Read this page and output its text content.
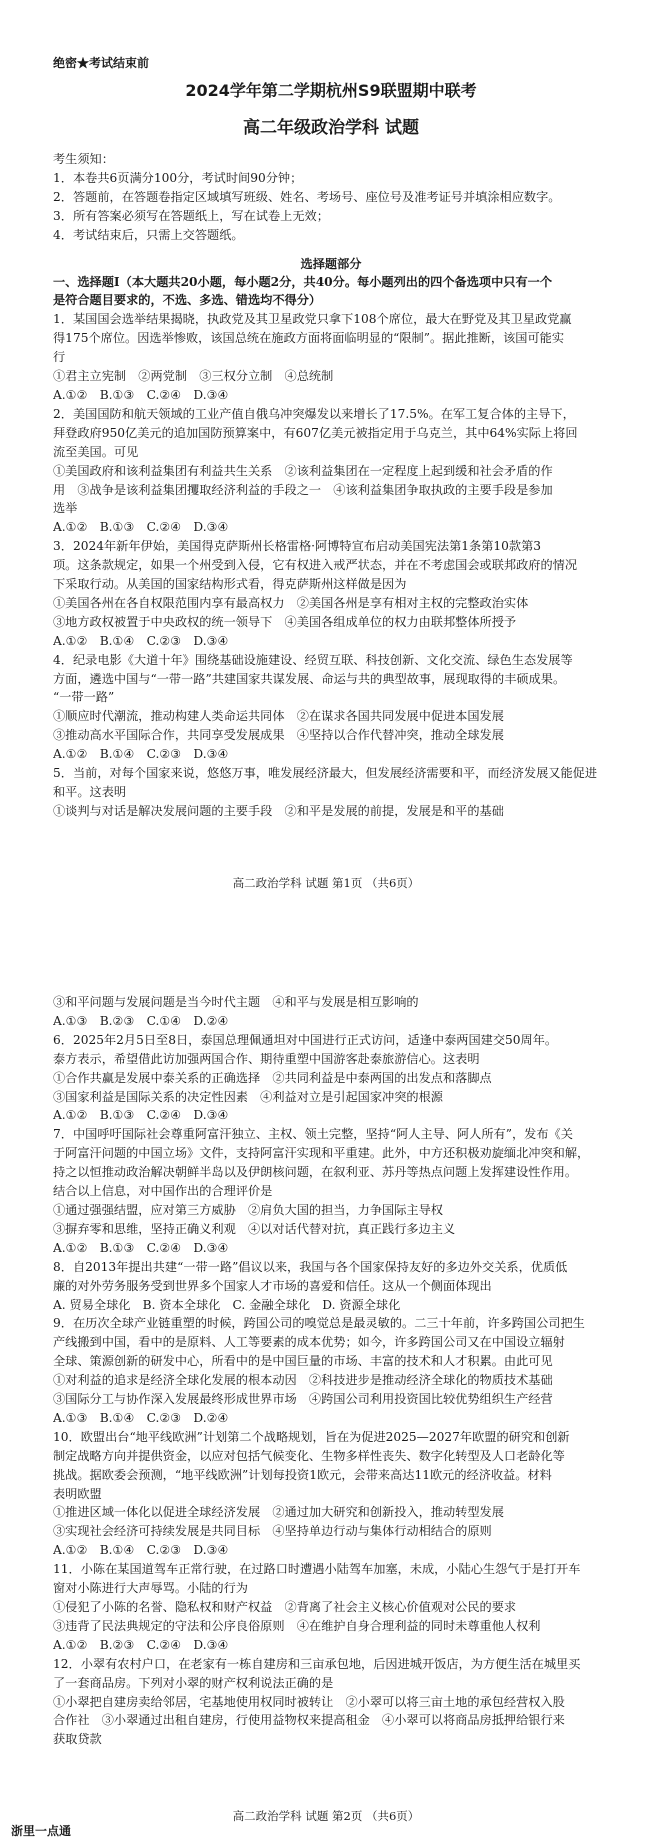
绝密★考试结束前
2024学年第二学期杭州S9联盟期中联考
高二年级政治学科 试题
考生须知：
1．本卷共6页满分100分，考试时间90分钟；
2．答题前，在答题卷指定区域填写班级、姓名、考场号、座位号及准考证号并填涂相应数字。
3．所有答案必须写在答题纸上，写在试卷上无效；
4．考试结束后，只需上交答题纸。
选择题部分
一、选择题Ⅰ（本大题共20小题，每小题2分，共40分。每小题列出的四个备选项中只有一个
是符合题目要求的，不选、多选、错选均不得分）
1．某国国会选举结果揭晓，执政党及其卫星政党只拿下108个席位，最大在野党及其卫星政党赢
得175个席位。因选举惨败，该国总统在施政方面将面临明显的“限制”。据此推断，该国可能实
行
①君主立宪制　②两党制　③三权分立制　④总统制
A.①②　B.①③　C.②④　D.③④
2．美国国防和航天领域的工业产值自俄乌冲突爆发以来增长了17.5%。在军工复合体的主导下，
拜登政府950亿美元的追加国防预算案中，有607亿美元被指定用于乌克兰，其中64%实际上将回
流至美国。可见
①美国政府和该利益集团有利益共生关系　②该利益集团在一定程度上起到缓和社会矛盾的作
用　③战争是该利益集团攫取经济利益的手段之一　④该利益集团争取执政的主要手段是参加
选举
A.①②　B.①③　C.②④　D.③④
3．2024年新年伊始，美国得克萨斯州长格雷格·阿博特宣布启动美国宪法第1条第10款第3
项。这条款规定，如果一个州受到入侵，它有权进入戒严状态，并在不考虑国会或联邦政府的情况
下采取行动。从美国的国家结构形式看，得克萨斯州这样做是因为
①美国各州在各自权限范围内享有最高权力　②美国各州是享有相对主权的完整政治实体
③地方政权被置于中央政权的统一领导下　④美国各组成单位的权力由联邦整体所授予
A.①②　B.①④　C.②③　D.③④
4．纪录电影《大道十年》围绕基础设施建设、经贸互联、科技创新、文化交流、绿色生态发展等
方面，遴选中国与“一带一路”共建国家共谋发展、命运与共的典型故事，展现取得的丰硕成果。
“一带一路”
①顺应时代潮流，推动构建人类命运共同体　②在谋求各国共同发展中促进本国发展
③推动高水平国际合作，共同享受发展成果　④坚持以合作代替冲突，推动全球发展
A.①②　B.①④　C.②③　D.③④
5．当前，对每个国家来说，悠悠万事，唯发展经济最大，但发展经济需要和平，而经济发展又能促进
和平。这表明
①谈判与对话是解决发展问题的主要手段　②和平是发展的前提，发展是和平的基础
高二政治学科 试题 第1页 （共6页）
③和平问题与发展问题是当今时代主题　④和平与发展是相互影响的
A.①③　B.②③　C.①④　D.②④
6．2025年2月5日至8日，泰国总理佩通坦对中国进行正式访问，适逢中泰两国建交50周年。
泰方表示，希望借此访加强两国合作、期待重塑中国游客赴泰旅游信心。这表明
①合作共赢是发展中泰关系的正确选择　②共同利益是中泰两国的出发点和落脚点
③国家利益是国际关系的决定性因素　④利益对立是引起国家冲突的根源
A.①②　B.①③　C.②④　D.③④
7．中国呼吁国际社会尊重阿富汗独立、主权、领土完整，坚持“阿人主导、阿人所有”，发布《关
于阿富汗问题的中国立场》文件，支持阿富汗实现和平重建。此外，中方还积极劝旋缅北冲突和解，
持之以恒推动政治解决朝鲜半岛以及伊朗核问题，在叙利亚、苏丹等热点问题上发挥建设性作用。
结合以上信息，对中国作出的合理评价是
①通过强强结盟，应对第三方威胁　②肩负大国的担当，力争国际主导权
③摒弃零和思维，坚持正确义利观　④以对话代替对抗，真正践行多边主义
A.①②　B.①③　C.②④　D.③④
8．自2013年提出共建“一带一路”倡议以来，我国与各个国家保持友好的多边外交关系，优质低
廉的对外劳务服务受到世界多个国家人才市场的喜爱和信任。这从一个侧面体现出
A. 贸易全球化　B. 资本全球化　C. 金融全球化　D. 资源全球化
9．在历次全球产业链重塑的时候，跨国公司的嗅觉总是最灵敏的。二三十年前，许多跨国公司把生
产线搬到中国，看中的是原料、人工等要素的成本优势；如今，许多跨国公司又在中国设立辐射
全球、策源创新的研发中心，所看中的是中国巨量的市场、丰富的技术和人才积累。由此可见
①对利益的追求是经济全球化发展的根本动因　②科技进步是推动经济全球化的物质技术基础
③国际分工与协作深入发展最终形成世界市场　④跨国公司利用投资国比较优势组织生产经营
A.①③　B.①④　C.②③　D.②④
10．欧盟出台“地平线欧洲”计划第二个战略规划，旨在为促进2025—2027年欧盟的研究和创新
制定战略方向并提供资金，以应对包括气候变化、生物多样性丧失、数字化转型及人口老龄化等
挑战。据欧委会预测，“地平线欧洲”计划每投资1欧元，会带来高达11欧元的经济收益。材料
表明欧盟
①推进区域一体化以促进全球经济发展　②通过加大研究和创新投入，推动转型发展
③实现社会经济可持续发展是共同目标　④坚持单边行动与集体行动相结合的原则
A.①②　B.①④　C.②③　D.③④
11．小陈在某国道驾车正常行驶，在过路口时遭遇小陆驾车加塞，未成，小陆心生怨气于是打开车
窗对小陈进行大声辱骂。小陆的行为
①侵犯了小陈的名誉、隐私权和财产权益　②背离了社会主义核心价值观对公民的要求
③违背了民法典规定的守法和公序良俗原则　④在维护自身合理利益的同时未尊重他人权利
A.①②　B.②③　C.②④　D.③④
12．小翠有农村户口，在老家有一栋自建房和三亩承包地，后因进城开饭店，为方便生活在城里买
了一套商品房。下列对小翠的财产权利说法正确的是
①小翠把自建房卖给邻居，宅基地使用权同时被转让　②小翠可以将三亩土地的承包经营权入股
合作社　③小翠通过出租自建房，行使用益物权来提高租金　④小翠可以将商品房抵押给银行来
获取贷款
高二政治学科 试题 第2页 （共6页）
浙里一点通
